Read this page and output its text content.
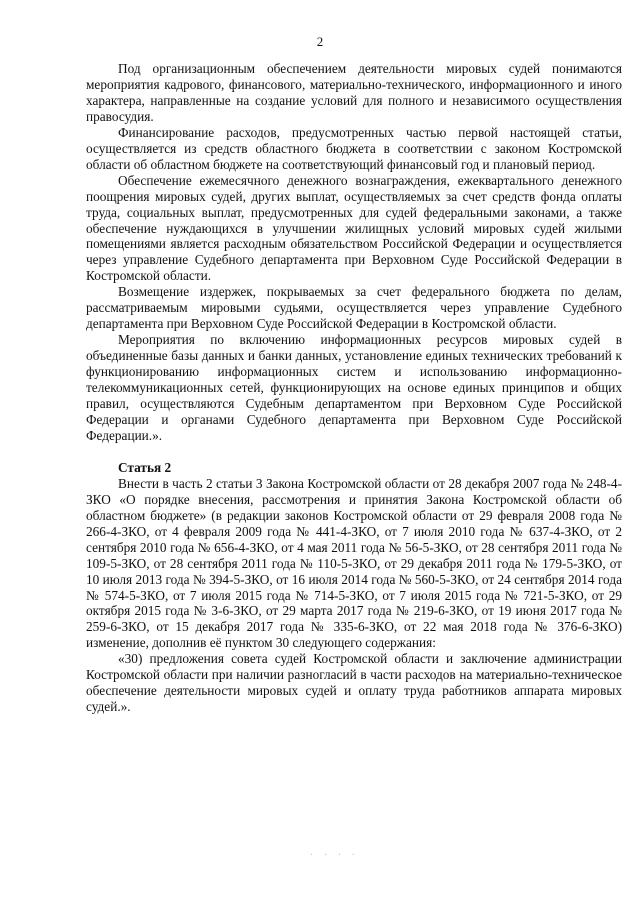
2

Под организационным обеспечением деятельности мировых судей понимаются мероприятия кадрового, финансового, материально-технического, информационного и иного характера, направленные на создание условий для полного и независимого осуществления правосудия.

Финансирование расходов, предусмотренных частью первой настоящей статьи, осуществляется из средств областного бюджета в соответствии с законом Костромской области об областном бюджете на соответствующий финансовый год и плановый период.

Обеспечение ежемесячного денежного вознаграждения, ежеквартального денежного поощрения мировых судей, других выплат, осуществляемых за счет средств фонда оплаты труда, социальных выплат, предусмотренных для судей федеральными законами, а также обеспечение нуждающихся в улучшении жилищных условий мировых судей жилыми помещениями является расходным обязательством Российской Федерации и осуществляется через управление Судебного департамента при Верховном Суде Российской Федерации в Костромской области.

Возмещение издержек, покрываемых за счет федерального бюджета по делам, рассматриваемым мировыми судьями, осуществляется через управление Судебного департамента при Верховном Суде Российской Федерации в Костромской области.

Мероприятия по включению информационных ресурсов мировых судей в объединенные базы данных и банки данных, установление единых технических требований к функционированию информационных систем и использованию информационно-телекоммуникационных сетей, функционирующих на основе единых принципов и общих правил, осуществляются Судебным департаментом при Верховном Суде Российской Федерации и органами Судебного департамента при Верховном Суде Российской Федерации.».

Статья 2

Внести в часть 2 статьи 3 Закона Костромской области от 28 декабря 2007 года № 248-4-ЗКО «О порядке внесения, рассмотрения и принятия Закона Костромской области об областном бюджете» (в редакции законов Костромской области от 29 февраля 2008 года № 266-4-ЗКО, от 4 февраля 2009 года № 441-4-ЗКО, от 7 июля 2010 года № 637-4-ЗКО, от 2 сентября 2010 года № 656-4-ЗКО, от 4 мая 2011 года № 56-5-ЗКО, от 28 сентября 2011 года № 109-5-ЗКО, от 28 сентября 2011 года № 110-5-ЗКО, от 29 декабря 2011 года № 179-5-ЗКО, от 10 июля 2013 года № 394-5-ЗКО, от 16 июля 2014 года № 560-5-ЗКО, от 24 сентября 2014 года № 574-5-ЗКО, от 7 июля 2015 года № 714-5-ЗКО, от 7 июля 2015 года № 721-5-ЗКО, от 29 октября 2015 года № 3-6-ЗКО, от 29 марта 2017 года № 219-6-ЗКО, от 19 июня 2017 года № 259-6-ЗКО, от 15 декабря 2017 года № 335-6-ЗКО, от 22 мая 2018 года № 376-6-ЗКО) изменение, дополнив её пунктом 30 следующего содержания:

«30) предложения совета судей Костромской области и заключение администрации Костромской области при наличии разногласий в части расходов на материально-техническое обеспечение деятельности мировых судей и оплату труда работников аппарата мировых судей.».

· · · ·
